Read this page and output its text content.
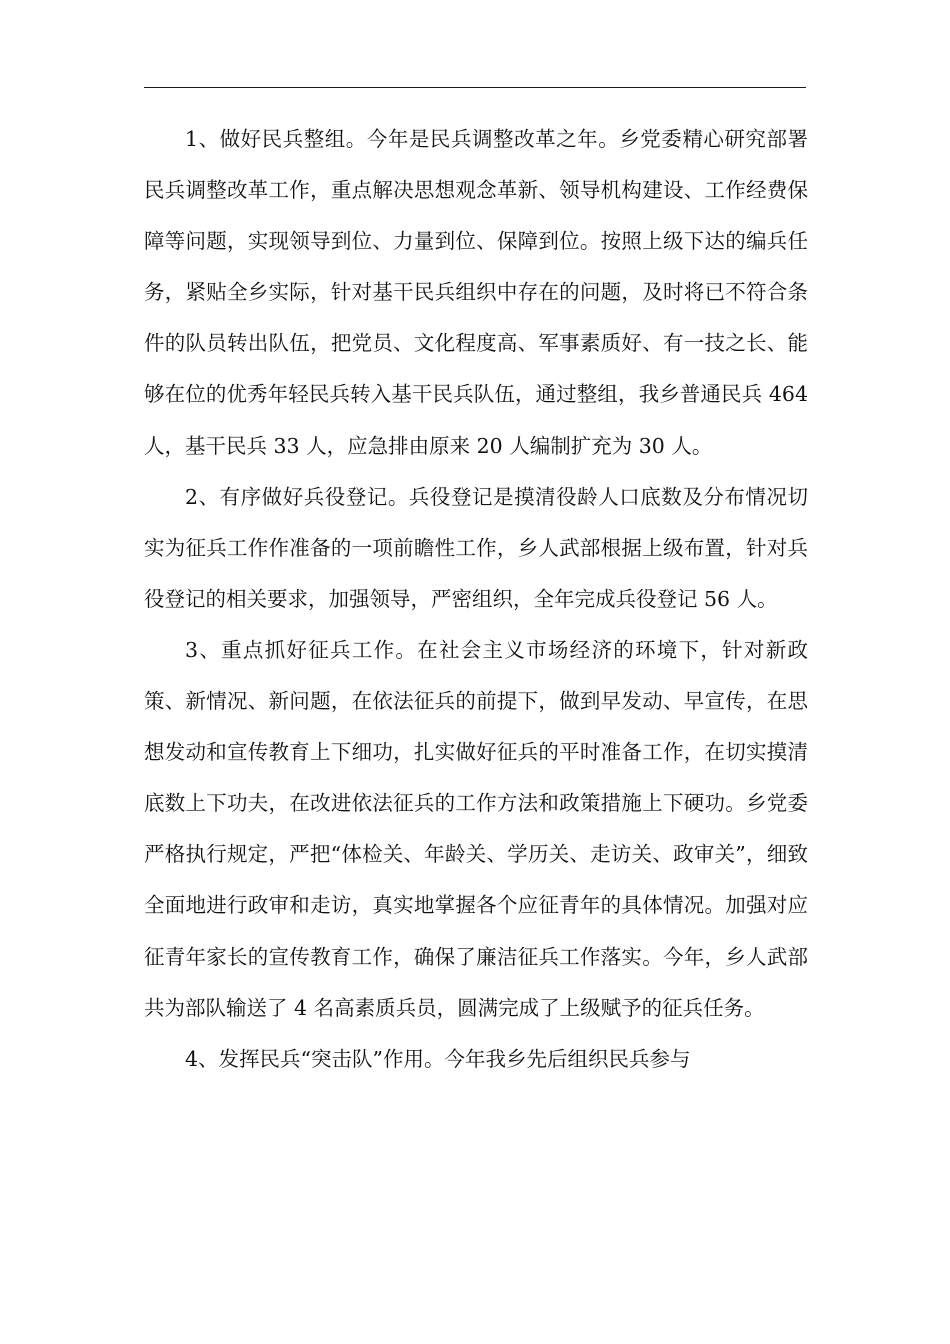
1、做好民兵整组。今年是民兵调整改革之年。乡党委精心研究部署民兵调整改革工作，重点解决思想观念革新、领导机构建设、工作经费保障等问题，实现领导到位、力量到位、保障到位。按照上级下达的编兵任务，紧贴全乡实际，针对基干民兵组织中存在的问题，及时将已不符合条件的队员转出队伍，把党员、文化程度高、军事素质好、有一技之长、能够在位的优秀年轻民兵转入基干民兵队伍，通过整组，我乡普通民兵 464 人，基干民兵 33 人，应急排由原来 20 人编制扩充为 30 人。

2、有序做好兵役登记。兵役登记是摸清役龄人口底数及分布情况切实为征兵工作作准备的一项前瞻性工作，乡人武部根据上级布置，针对兵役登记的相关要求，加强领导，严密组织，全年完成兵役登记 56 人。

3、重点抓好征兵工作。在社会主义市场经济的环境下，针对新政策、新情况、新问题，在依法征兵的前提下，做到早发动、早宣传，在思想发动和宣传教育上下细功，扎实做好征兵的平时准备工作，在切实摸清底数上下功夫，在改进依法征兵的工作方法和政策措施上下硬功。乡党委严格执行规定，严把“体检关、年龄关、学历关、走访关、政审关”，细致全面地进行政审和走访，真实地掌握各个应征青年的具体情况。加强对应征青年家长的宣传教育工作，确保了廉洁征兵工作落实。今年，乡人武部共为部队输送了 4 名高素质兵员，圆满完成了上级赋予的征兵任务。

4、发挥民兵“突击队”作用。今年我乡先后组织民兵参与
